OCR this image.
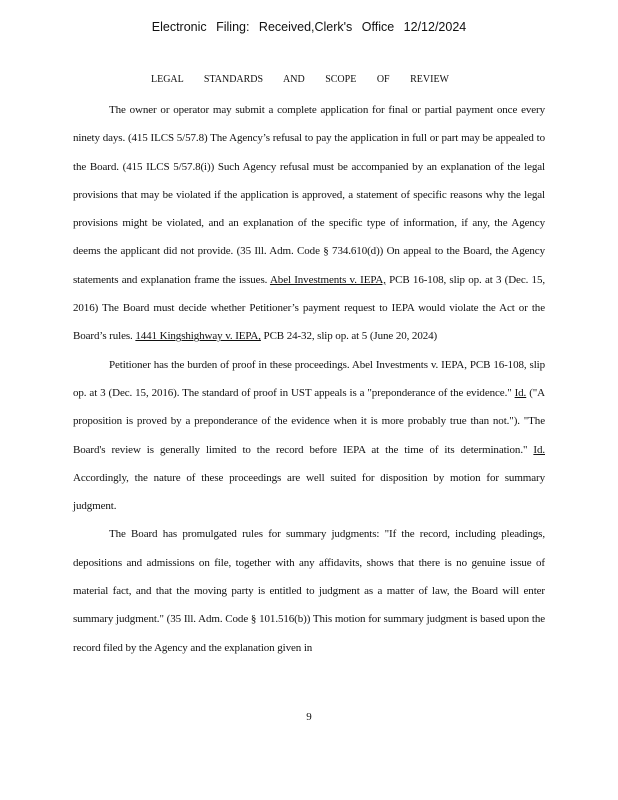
Electronic Filing: Received,Clerk's Office 12/12/2024
LEGAL STANDARDS AND SCOPE OF REVIEW

The owner or operator may submit a complete application for final or partial payment once every ninety days. (415 ILCS 5/57.8) The Agency’s refusal to pay the application in full or part may be appealed to the Board. (415 ILCS 5/57.8(i)) Such Agency refusal must be accompanied by an explanation of the legal provisions that may be violated if the application is approved, a statement of specific reasons why the legal provisions might be violated, and an explanation of the specific type of information, if any, the Agency deems the applicant did not provide. (35 Ill. Adm. Code § 734.610(d)) On appeal to the Board, the Agency statements and explanation frame the issues. Abel Investments v. IEPA, PCB 16-108, slip op. at 3 (Dec. 15, 2016) The Board must decide whether Petitioner’s payment request to IEPA would violate the Act or the Board’s rules. 1441 Kingshighway v. IEPA, PCB 24-32, slip op. at 5 (June 20, 2024)

Petitioner has the burden of proof in these proceedings. Abel Investments v. IEPA, PCB 16-108, slip op. at 3 (Dec. 15, 2016). The standard of proof in UST appeals is a "preponderance of the evidence." Id. ("A proposition is proved by a preponderance of the evidence when it is more probably true than not."). "The Board's review is generally limited to the record before IEPA at the time of its determination." Id. Accordingly, the nature of these proceedings are well suited for disposition by motion for summary judgment.

The Board has promulgated rules for summary judgments: "If the record, including pleadings, depositions and admissions on file, together with any affidavits, shows that there is no genuine issue of material fact, and that the moving party is entitled to judgment as a matter of law, the Board will enter summary judgment." (35 Ill. Adm. Code § 101.516(b)) This motion for summary judgment is based upon the record filed by the Agency and the explanation given in

9
